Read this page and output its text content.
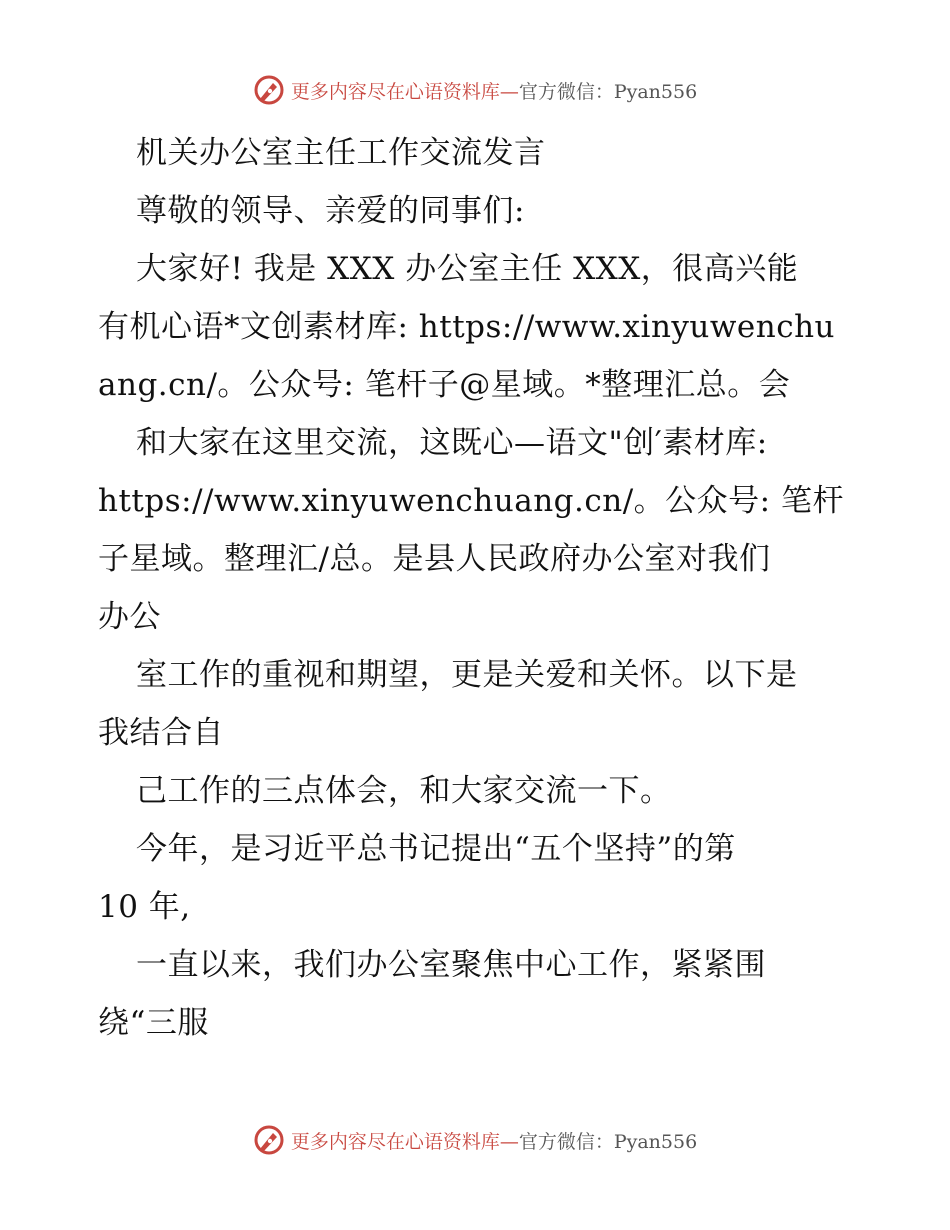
更多内容尽在心语资料库—官方微信：Pyan556
机关办公室主任工作交流发言
尊敬的领导、亲爱的同事们:
大家好! 我是 XXX 办公室主任 XXX，很高兴能
有机心语*文创素材库: https://www.xinyuwenchu
ang.cn/。公众号: 笔杆子@星域。*整理汇总。会
和大家在这里交流，这既心—语文"创′素材库:
https://www.xinyuwenchuang.cn/。公众号: 笔杆
子星域。整理汇/总。是县人民政府办公室对我们
办公
室工作的重视和期望，更是关爱和关怀。以下是
我结合自
己工作的三点体会，和大家交流一下。
今年，是习近平总书记提出“五个坚持”的第
10 年,
一直以来，我们办公室聚焦中心工作，紧紧围
绕“三服
更多内容尽在心语资料库—官方微信：Pyan556
